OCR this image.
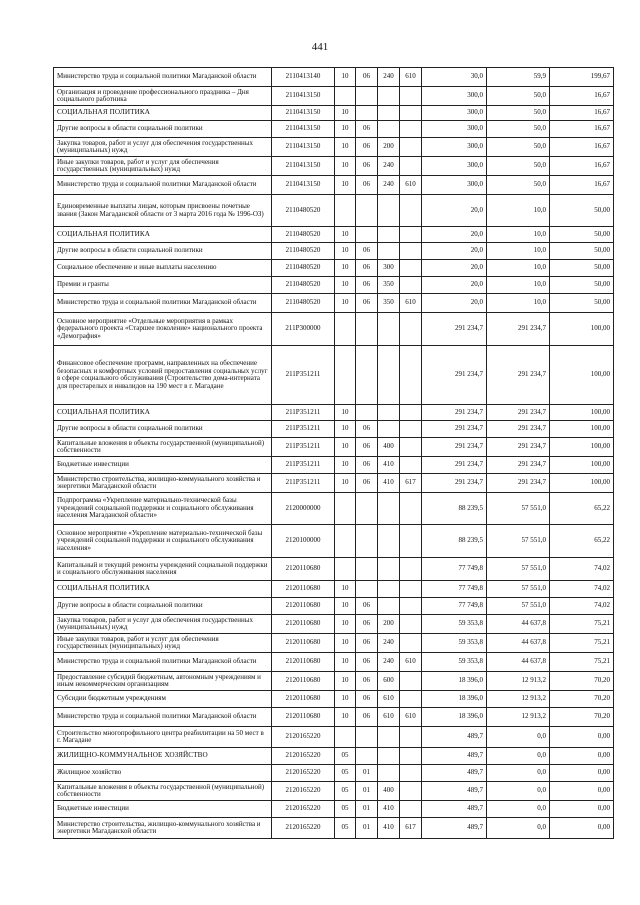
441
Министерство труда и социальной политики Магаданской области	2110413140	10	06	240	610	30,0	59,9	199,67
Организация и проведение профессионального праздника – Дня социального работника	2110413150					300,0	50,0	16,67
СОЦИАЛЬНАЯ ПОЛИТИКА	2110413150	10				300,0	50,0	16,67
Другие вопросы в области социальной политики	2110413150	10	06			300,0	50,0	16,67
Закупка товаров, работ и услуг для обеспечения государственных (муниципальных) нужд	2110413150	10	06	200		300,0	50,0	16,67
Иные закупки товаров, работ и услуг для обеспечения государственных (муниципальных) нужд	2110413150	10	06	240		300,0	50,0	16,67
Министерство труда и социальной политики Магаданской области	2110413150	10	06	240	610	300,0	50,0	16,67
Единовременные выплаты лицам, которым присвоены почетные звания (Закон Магаданской области от 3 марта 2016 года № 1996-ОЗ)	2110480520					20,0	10,0	50,00
СОЦИАЛЬНАЯ ПОЛИТИКА	2110480520	10				20,0	10,0	50,00
Другие вопросы в области социальной политики	2110480520	10	06			20,0	10,0	50,00
Социальное обеспечение и иные выплаты населению	2110480520	10	06	300		20,0	10,0	50,00
Премии и гранты	2110480520	10	06	350		20,0	10,0	50,00
Министерство труда и социальной политики Магаданской области	2110480520	10	06	350	610	20,0	10,0	50,00
Основное мероприятие «Отдельные мероприятия в рамках федерального проекта «Старшее поколение» национального проекта «Демография»	211P300000					291 234,7	291 234,7	100,00
Финансовое обеспечение программ, направленных на обеспечение безопасных и комфортных условий предоставления социальных услуг в сфере социального обслуживания (Строительство дома-интерната для престарелых и инвалидов на 190 мест в г. Магадане	211P351211					291 234,7	291 234,7	100,00
СОЦИАЛЬНАЯ ПОЛИТИКА	211P351211	10				291 234,7	291 234,7	100,00
Другие вопросы в области социальной политики	211P351211	10	06			291 234,7	291 234,7	100,00
Капитальные вложения в объекты государственной (муниципальной) собственности	211P351211	10	06	400		291 234,7	291 234,7	100,00
Бюджетные инвестиции	211P351211	10	06	410		291 234,7	291 234,7	100,00
Министерство строительства, жилищно-коммунального хозяйства и энергетики Магаданской области	211P351211	10	06	410	617	291 234,7	291 234,7	100,00
Подпрограмма «Укрепление материально-технической базы учреждений социальной поддержки и социального обслуживания населения Магаданской области»	2120000000					88 239,5	57 551,0	65,22
Основное мероприятие «Укрепление материально-технической базы учреждений социальной поддержки и социального обслуживания населения»	2120100000					88 239,5	57 551,0	65,22
Капитальный и текущий ремонты учреждений социальной поддержки и социального обслуживания населения	2120110680					77 749,8	57 551,0	74,02
СОЦИАЛЬНАЯ ПОЛИТИКА	2120110680	10				77 749,8	57 551,0	74,02
Другие вопросы в области социальной политики	2120110680	10	06			77 749,8	57 551,0	74,02
Закупка товаров, работ и услуг для обеспечения государственных (муниципальных) нужд	2120110680	10	06	200		59 353,8	44 637,8	75,21
Иные закупки товаров, работ и услуг для обеспечения государственных (муниципальных) нужд	2120110680	10	06	240		59 353,8	44 637,8	75,21
Министерство труда и социальной политики Магаданской области	2120110680	10	06	240	610	59 353,8	44 637,8	75,21
Предоставление субсидий бюджетным, автономным учреждениям и иным некоммерческим организациям	2120110680	10	06	600		18 396,0	12 913,2	70,20
Субсидии бюджетным учреждениям	2120110680	10	06	610		18 396,0	12 913,2	70,20
Министерство труда и социальной политики Магаданской области	2120110680	10	06	610	610	18 396,0	12 913,2	70,20
Строительство многопрофильного центра реабилитации на 50 мест в г. Магадане	2120165220					489,7	0,0	0,00
ЖИЛИЩНО-КОММУНАЛЬНОЕ ХОЗЯЙСТВО	2120165220	05				489,7	0,0	0,00
Жилищное хозяйство	2120165220	05	01			489,7	0,0	0,00
Капитальные вложения в объекты государственной (муниципальной) собственности	2120165220	05	01	400		489,7	0,0	0,00
Бюджетные инвестиции	2120165220	05	01	410		489,7	0,0	0,00
Министерство строительства, жилищно-коммунального хозяйства и энергетики Магаданской области	2120165220	05	01	410	617	489,7	0,0	0,00
